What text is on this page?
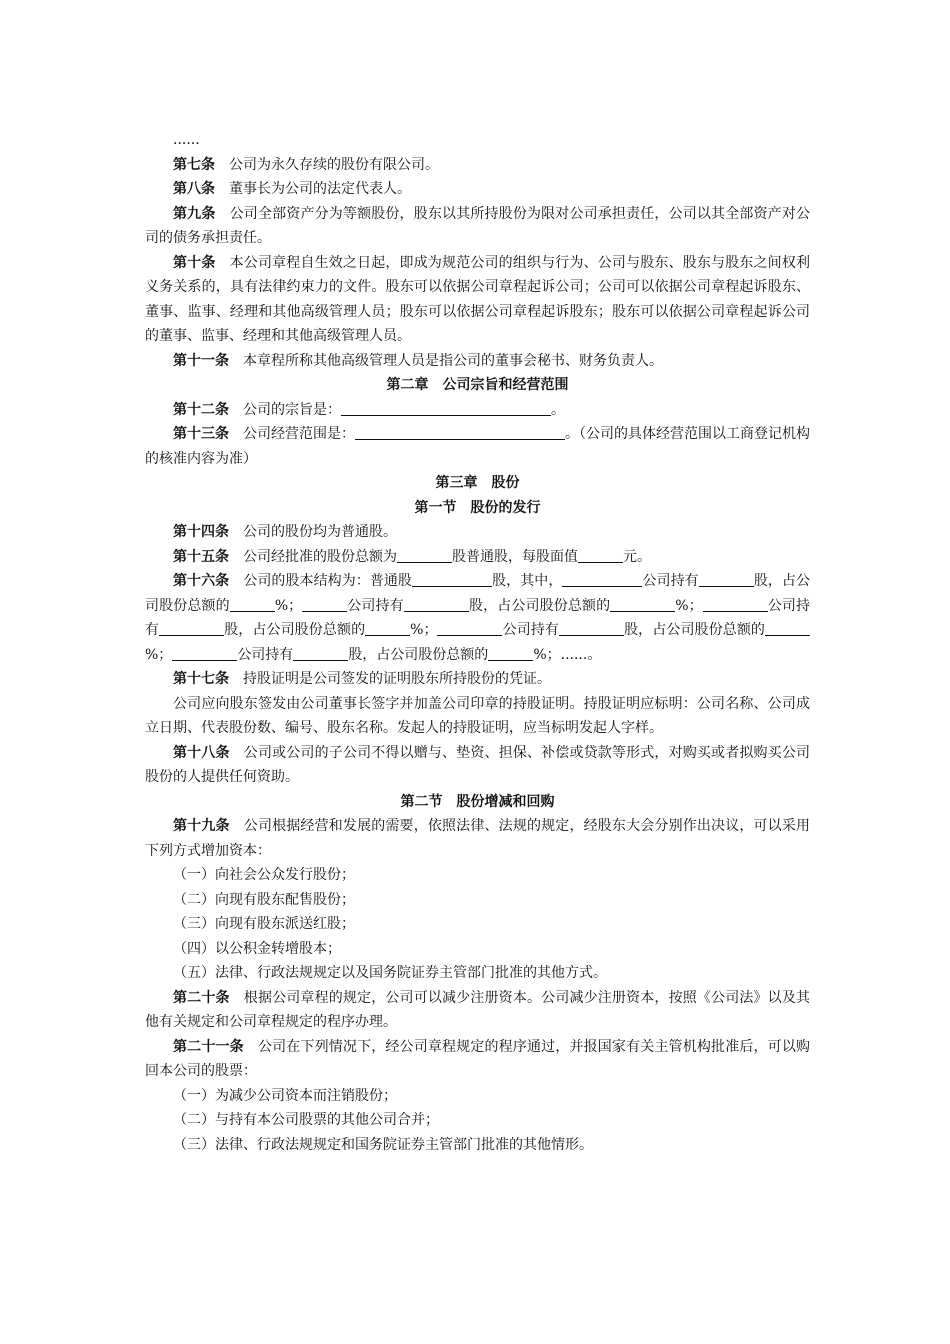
......

第七条 公司为永久存续的股份有限公司。

第八条 董事长为公司的法定代表人。

第九条 公司全部资产分为等额股份，股东以其所持股份为限对公司承担责任，公司以其全部资产对公司的债务承担责任。

第十条 本公司章程自生效之日起，即成为规范公司的组织与行为、公司与股东、股东与股东之间权利义务关系的，具有法律约束力的文件。股东可以依据公司章程起诉公司；公司可以依据公司章程起诉股东、董事、监事、经理和其他高级管理人员；股东可以依据公司章程起诉股东；股东可以依据公司章程起诉公司的董事、监事、经理和其他高级管理人员。

第十一条 本章程所称其他高级管理人员是指公司的董事会秘书、财务负责人。

第二章　公司宗旨和经营范围

第十二条 公司的宗旨是：	。

第十三条 公司经营范围是：	。（公司的具体经营范围以工商登记机构的核准内容为准）

第三章　股份

第一节　股份的发行

第十四条 公司的股份均为普通股。

第十五条 公司经批准的股份总额为	股普通股，每股面值	元。

第十六条 公司的股本结构为：普通股	股，其中，	公司持有	股，占公司股份总额的	%；	公司持有	股，占公司股份总额的	%；	公司持有	股，占公司股份总额的	%；	公司持有	股，占公司股份总额的%；	公司持有	股，占公司股份总额的	%；......。

第十七条 持股证明是公司签发的证明股东所持股份的凭证。

公司应向股东签发由公司董事长签字并加盖公司印章的持股证明。持股证明应标明：公司名称、公司成立日期、代表股份数、编号、股东名称。发起人的持股证明，应当标明发起人字样。

第十八条 公司或公司的子公司不得以赠与、垫资、担保、补偿或贷款等形式，对购买或者拟购买公司股份的人提供任何资助。

第二节　股份增减和回购

第十九条 公司根据经营和发展的需要，依照法律、法规的规定，经股东大会分别作出决议，可以采用下列方式增加资本：

（一）向社会公众发行股份；

（二）向现有股东配售股份；

（三）向现有股东派送红股；

（四）以公积金转增股本；

（五）法律、行政法规规定以及国务院证券主管部门批准的其他方式。

第二十条 根据公司章程的规定，公司可以减少注册资本。公司减少注册资本，按照《公司法》以及其他有关规定和公司章程规定的程序办理。

第二十一条 公司在下列情况下，经公司章程规定的程序通过，并报国家有关主管机构批准后，可以购回本公司的股票：

（一）为减少公司资本而注销股份；

（二）与持有本公司股票的其他公司合并；

（三）法律、行政法规规定和国务院证券主管部门批准的其他情形。
